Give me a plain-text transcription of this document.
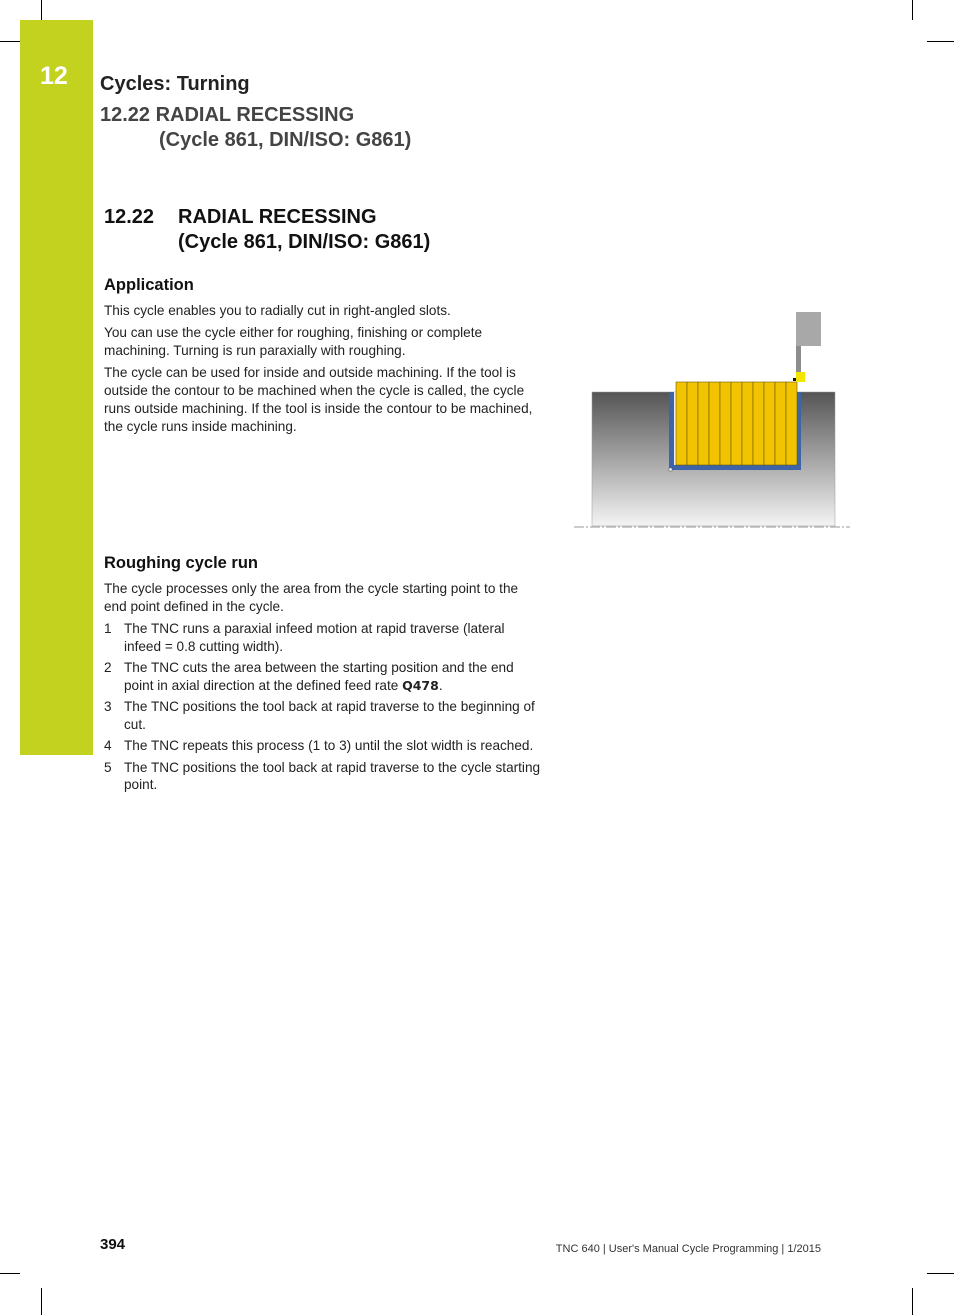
12 Cycles: Turning
12.22 RADIAL RECESSING
(Cycle 861, DIN/ISO: G861)
12.22 RADIAL RECESSING
(Cycle 861, DIN/ISO: G861)
Application

This cycle enables you to radially cut in right-angled slots.

You can use the cycle either for roughing, finishing or complete machining. Turning is run paraxially with roughing.

The cycle can be used for inside and outside machining. If the tool is outside the contour to be machined when the cycle is called, the cycle runs outside machining. If the tool is inside the contour to be machined, the cycle runs inside machining.

Roughing cycle run
The cycle processes only the area from the cycle starting point to the end point defined in the cycle.
1 The TNC runs a paraxial infeed motion at rapid traverse (lateral infeed = 0.8 cutting width).
2 The TNC cuts the area between the starting position and the end point in axial direction at the defined feed rate Q478.
3 The TNC positions the tool back at rapid traverse to the beginning of cut.
4 The TNC repeats this process (1 to 3) until the slot width is reached.
5 The TNC positions the tool back at rapid traverse to the cycle starting point.
394	TNC 640 | User's Manual Cycle Programming | 1/2015
